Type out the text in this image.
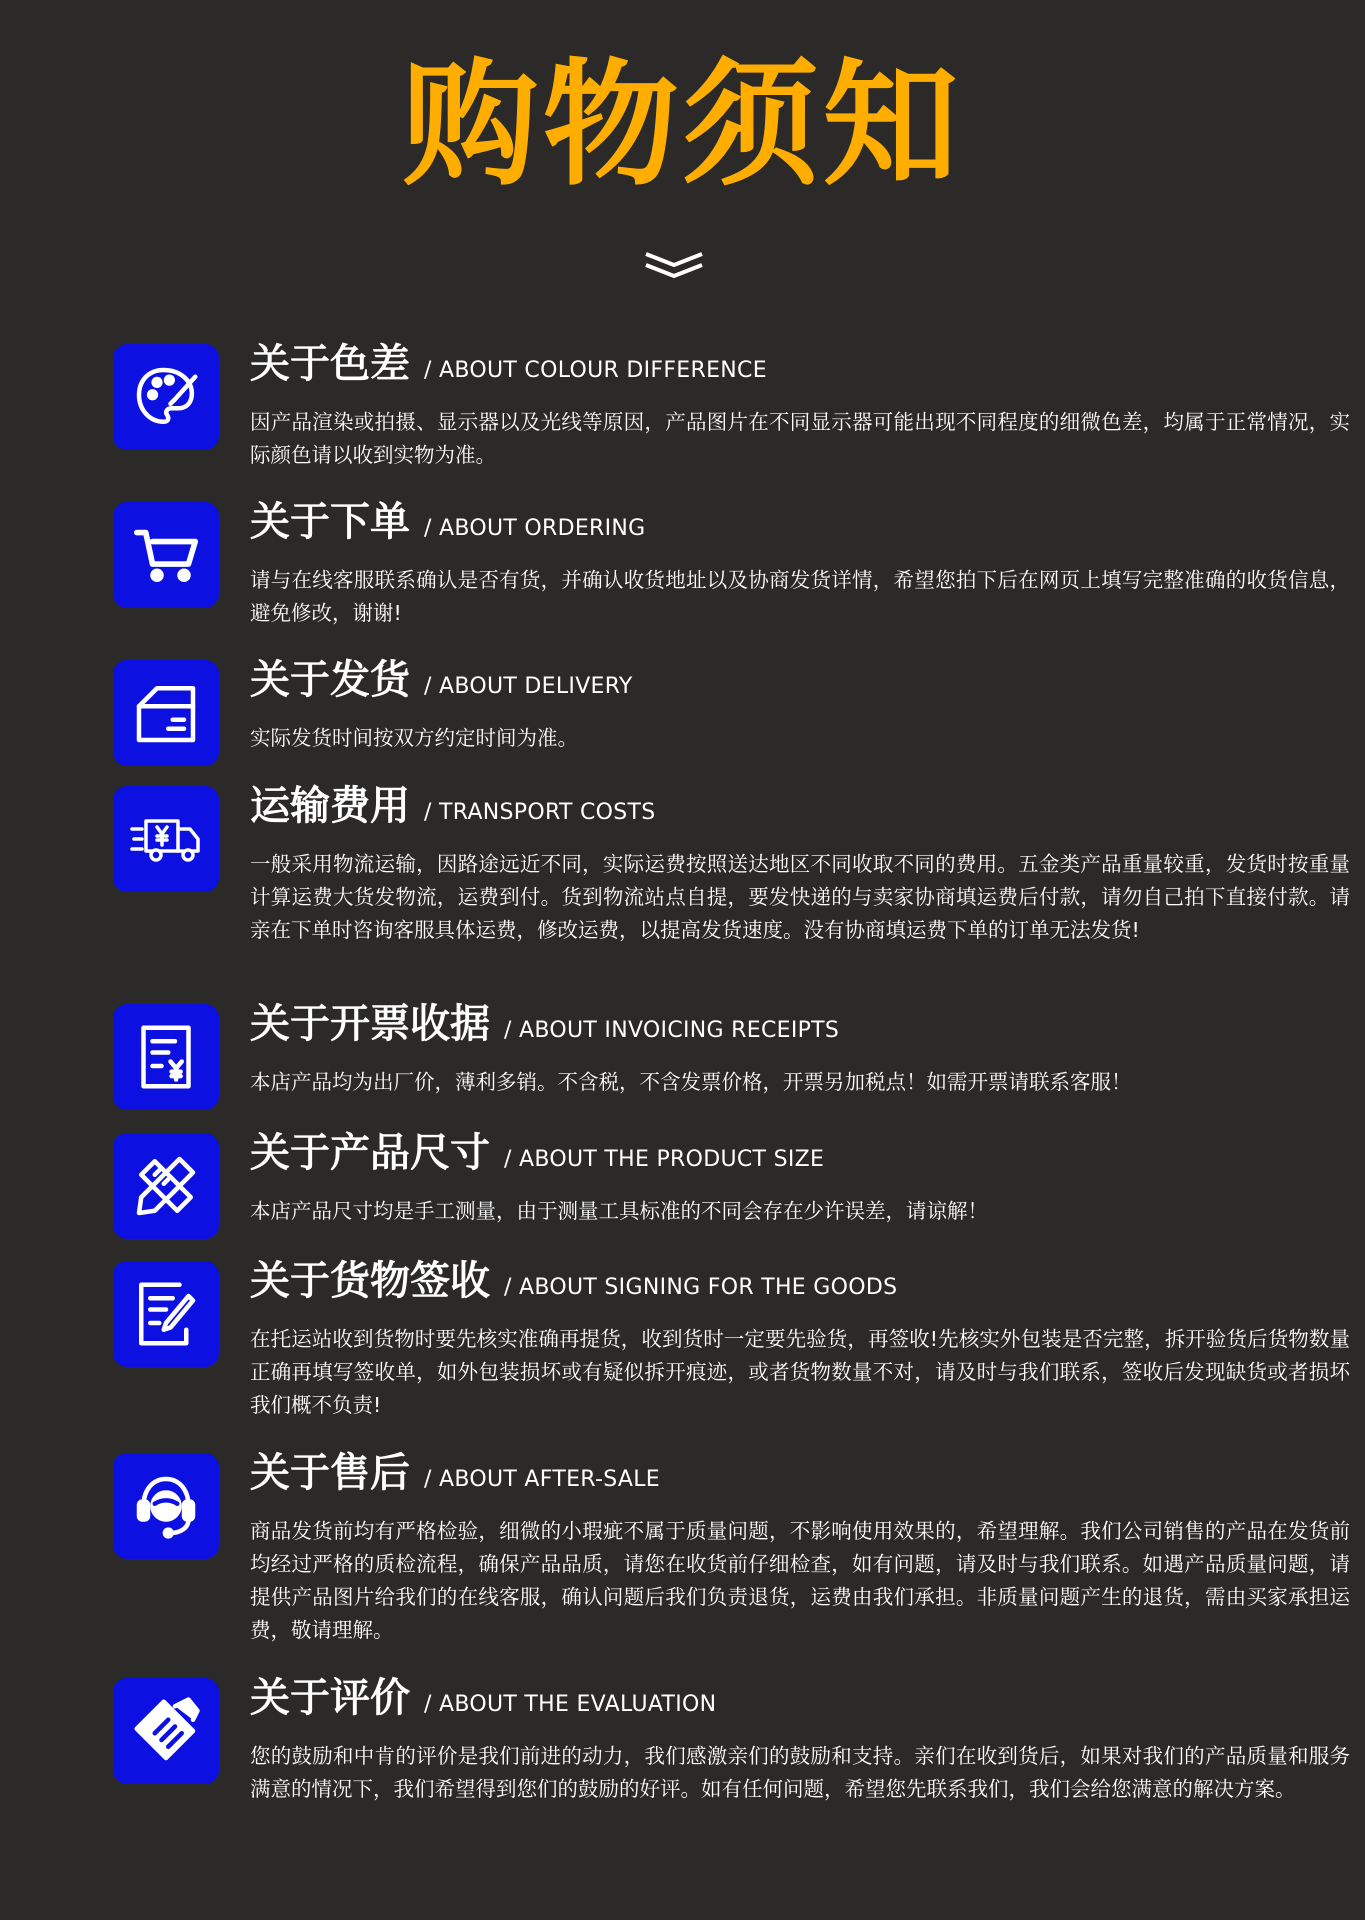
购物须知
关于色差 / ABOUT COLOUR DIFFERENCE

因产品渲染或拍摄、显示器以及光线等原因，产品图片在不同显示器可能出现不同程度的细微色差，均属于正常情况，实际颜色请以收到实物为准。

关于下单 / ABOUT ORDERING

请与在线客服联系确认是否有货，并确认收货地址以及协商发货详情，希望您拍下后在网页上填写完整准确的收货信息，避免修改，谢谢!

关于发货 / ABOUT DELIVERY

实际发货时间按双方约定时间为准。

运输费用 / TRANSPORT COSTS

一般采用物流运输，因路途远近不同，实际运费按照送达地区不同收取不同的费用。五金类产品重量较重，发货时按重量计算运费大货发物流，运费到付。货到物流站点自提，要发快递的与卖家协商填运费后付款，请勿自己拍下直接付款。请亲在下单时咨询客服具体运费，修改运费，以提高发货速度。没有协商填运费下单的订单无法发货!

关于开票收据 / ABOUT INVOICING RECEIPTS

本店产品均为出厂价，薄利多销。不含税，不含发票价格，开票另加税点！如需开票请联系客服！

关于产品尺寸 / ABOUT THE PRODUCT SIZE

本店产品尺寸均是手工测量，由于测量工具标准的不同会存在少许误差，请谅解！

关于货物签收 / ABOUT SIGNING FOR THE GOODS

在托运站收到货物时要先核实准确再提货，收到货时一定要先验货，再签收!先核实外包装是否完整，拆开验货后货物数量正确再填写签收单，如外包装损坏或有疑似拆开痕迹，或者货物数量不对，请及时与我们联系，签收后发现缺货或者损坏我们概不负责!

关于售后 / ABOUT AFTER-SALE

商品发货前均有严格检验，细微的小瑕疵不属于质量问题，不影响使用效果的，希望理解。我们公司销售的产品在发货前均经过严格的质检流程，确保产品品质，请您在收货前仔细检查，如有问题，请及时与我们联系。如遇产品质量问题，请提供产品图片给我们的在线客服，确认问题后我们负责退货，运费由我们承担。非质量问题产生的退货，需由买家承担运费，敬请理解。

关于评价 / ABOUT THE EVALUATION

您的鼓励和中肯的评价是我们前进的动力，我们感激亲们的鼓励和支持。亲们在收到货后，如果对我们的产品质量和服务满意的情况下，我们希望得到您们的鼓励的好评。如有任何问题，希望您先联系我们，我们会给您满意的解决方案。
